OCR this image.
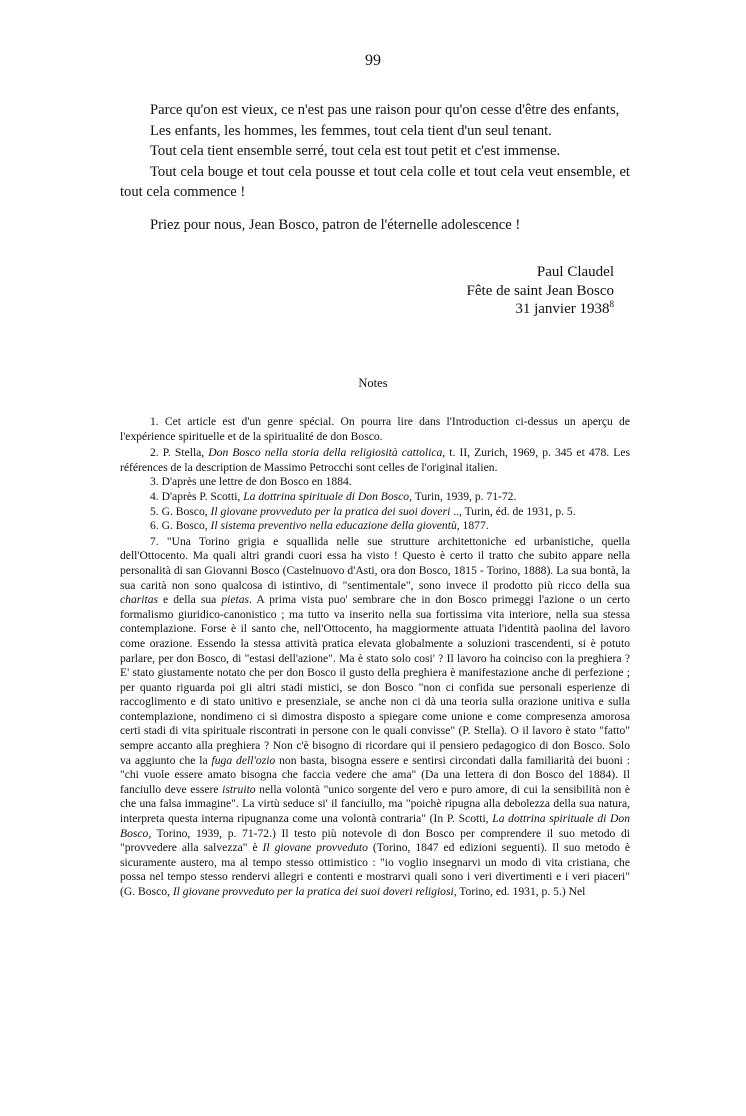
99

Parce qu'on est vieux, ce n'est pas une raison pour qu'on cesse d'être des enfants,

Les enfants, les hommes, les femmes, tout cela tient d'un seul tenant.

Tout cela tient ensemble serré, tout cela est tout petit et c'est immense.

Tout cela bouge et tout cela pousse et tout cela colle et tout cela veut ensemble, et tout cela commence !

Priez pour nous, Jean Bosco, patron de l'éternelle adolescence !

Paul Claudel
Fête de saint Jean Bosco
31 janvier 1938$^8$
Notes

1. Cet article est d'un genre spécial. On pourra lire dans l'Introduction ci-dessus un aperçu de l'expérience spirituelle et de la spiritualité de don Bosco.

2. P. Stella, Don Bosco nella storia della religiosità cattolica, t. II, Zurich, 1969, p. 345 et 478. Les références de la description de Massimo Petrocchi sont celles de l'original italien.

3. D'après une lettre de don Bosco en 1884.

4. D'après P. Scotti, La dottrina spirituale di Don Bosco, Turin, 1939, p. 71-72.

5. G. Bosco, Il giovane provveduto per la pratica dei suoi doveri .., Turin, éd. de 1931, p. 5.

6. G. Bosco, Il sistema preventivo nella educazione della gioventù, 1877.

7. "Una Torino grigia e squallida nelle sue strutture architettoniche ed urbanistiche, quella dell'Ottocento. Ma quali altri grandi cuori essa ha visto ! Questo è certo il tratto che subito appare nella personalità di san Giovanni Bosco (Castelnuovo d'Asti, ora don Bosco, 1815 - Torino, 1888). La sua bontà, la sua carità non sono qualcosa di istintivo, di "sentimentale", sono invece il prodotto più ricco della sua charitas e della sua pietas. A prima vista puo' sembrare che in don Bosco primeggi l'azione o un certo formalismo giuridico-canonistico ; ma tutto va inserito nella sua fortissima vita interiore, nella sua stessa contemplazione. Forse è il santo che, nell'Ottocento, ha maggiormente attuata l'identità paolina del lavoro come orazione. Essendo la stessa attività pratica elevata globalmente a soluzioni trascendenti, si è potuto parlare, per don Bosco, di "estasi dell'azione". Ma è stato solo cosi' ? Il lavoro ha coinciso con la preghiera ? E' stato giustamente notato che per don Bosco il gusto della preghiera è manifestazione anche di perfezione ; per quanto riguarda poi gli altri stadi mistici, se don Bosco "non ci confida sue personali esperienze di raccoglimento e di stato unitivo e presenziale, se anche non ci dà una teoria sulla orazione unitiva e sulla contemplazione, nondimeno ci si dimostra disposto a spiegare come unione e come compresenza amorosa certi stadi di vita spirituale riscontrati in persone con le quali convisse" (P. Stella). O il lavoro è stato "fatto" sempre accanto alla preghiera ? Non c'è bisogno di ricordare qui il pensiero pedagogico di don Bosco. Solo va aggiunto che la fuga dell'ozio non basta, bisogna essere e sentirsi circondati dalla familiarità dei buoni : "chi vuole essere amato bisogna che faccia vedere che ama" (Da una lettera di don Bosco del 1884). Il fanciullo deve essere istruito nella volontà "unico sorgente del vero e puro amore, di cui la sensibilità non è che una falsa immagine". La virtù seduce si' il fanciullo, ma "poichè ripugna alla debolezza della sua natura, interpreta questa interna ripugnanza come una volontà contraria" (In P. Scotti, La dottrina spirituale di Don Bosco, Torino, 1939, p. 71-72.) Il testo più notevole di don Bosco per comprendere il suo metodo di "provvedere alla salvezza" è Il giovane provveduto (Torino, 1847 ed edizioni seguenti). Il suo metodo è sicuramente austero, ma al tempo stesso ottimistico : "io voglio insegnarvi un modo di vita cristiana, che possa nel tempo stesso rendervi allegri e contenti e mostrarvi quali sono i veri divertimenti e i veri piaceri" (G. Bosco, Il giovane provveduto per la pratica dei suoi doveri religiosi, Torino, ed. 1931, p. 5.) Nel
